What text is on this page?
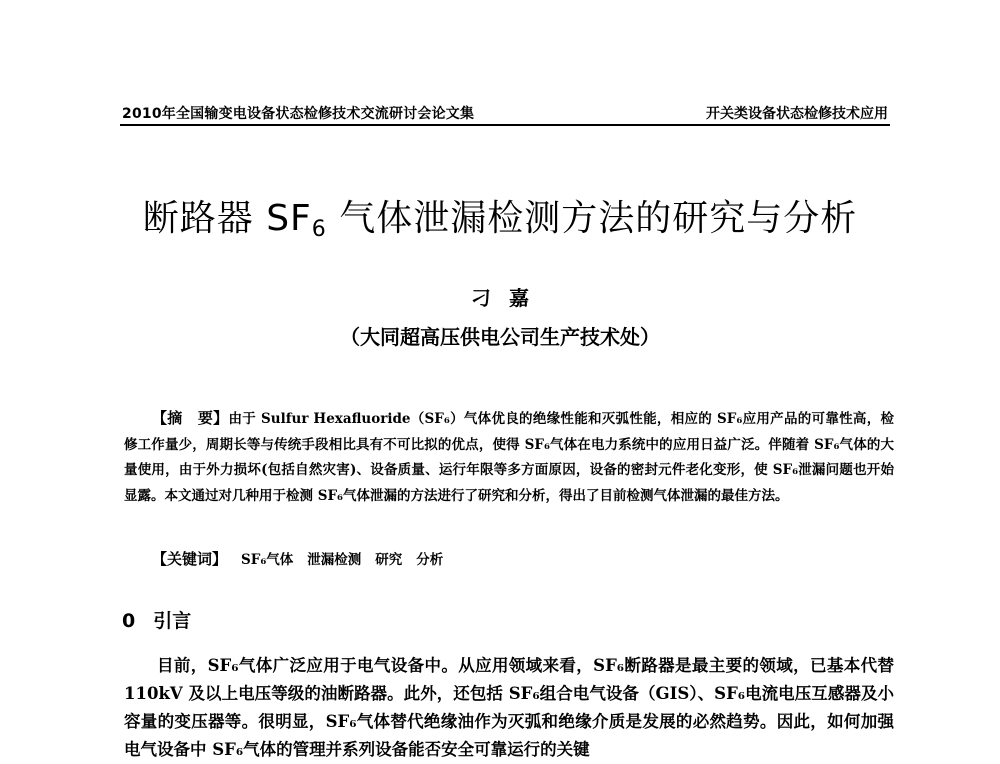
2010年全国输变电设备状态检修技术交流研讨会论文集	开关类设备状态检修技术应用
断路器 $SF_6$ 气体泄漏检测方法的研究与分析
刁嘉
（大同超高压供电公司生产技术处）
【摘　要】由于 Sulfur Hexafluoride（SF₆）气体优良的绝缘性能和灭弧性能，相应的 SF₆应用产品的可靠性高，检修工作量少，周期长等与传统手段相比具有不可比拟的优点，使得 SF₆气体在电力系统中的应用日益广泛。伴随着 SF₆气体的大量使用，由于外力损坏(包括自然灾害)、设备质量、运行年限等多方面原因，设备的密封元件老化变形，使 SF₆泄漏问题也开始显露。本文通过对几种用于检测 SF₆气体泄漏的方法进行了研究和分析，得出了目前检测气体泄漏的最佳方法。
【关键词】 SF₆气体 泄漏检测 研究 分析
0 引言
目前，SF₆气体广泛应用于电气设备中。从应用领域来看，SF₆断路器是最主要的领域，已基本代替 110kV 及以上电压等级的油断路器。此外，还包括 SF₆组合电气设备（GIS）、SF₆电流电压互感器及小容量的变压器等。很明显，SF₆气体替代绝缘油作为灭弧和绝缘介质是发展的必然趋势。因此，如何加强电气设备中 SF₆气体的管理并系列设备能否安全可靠运行的关键
